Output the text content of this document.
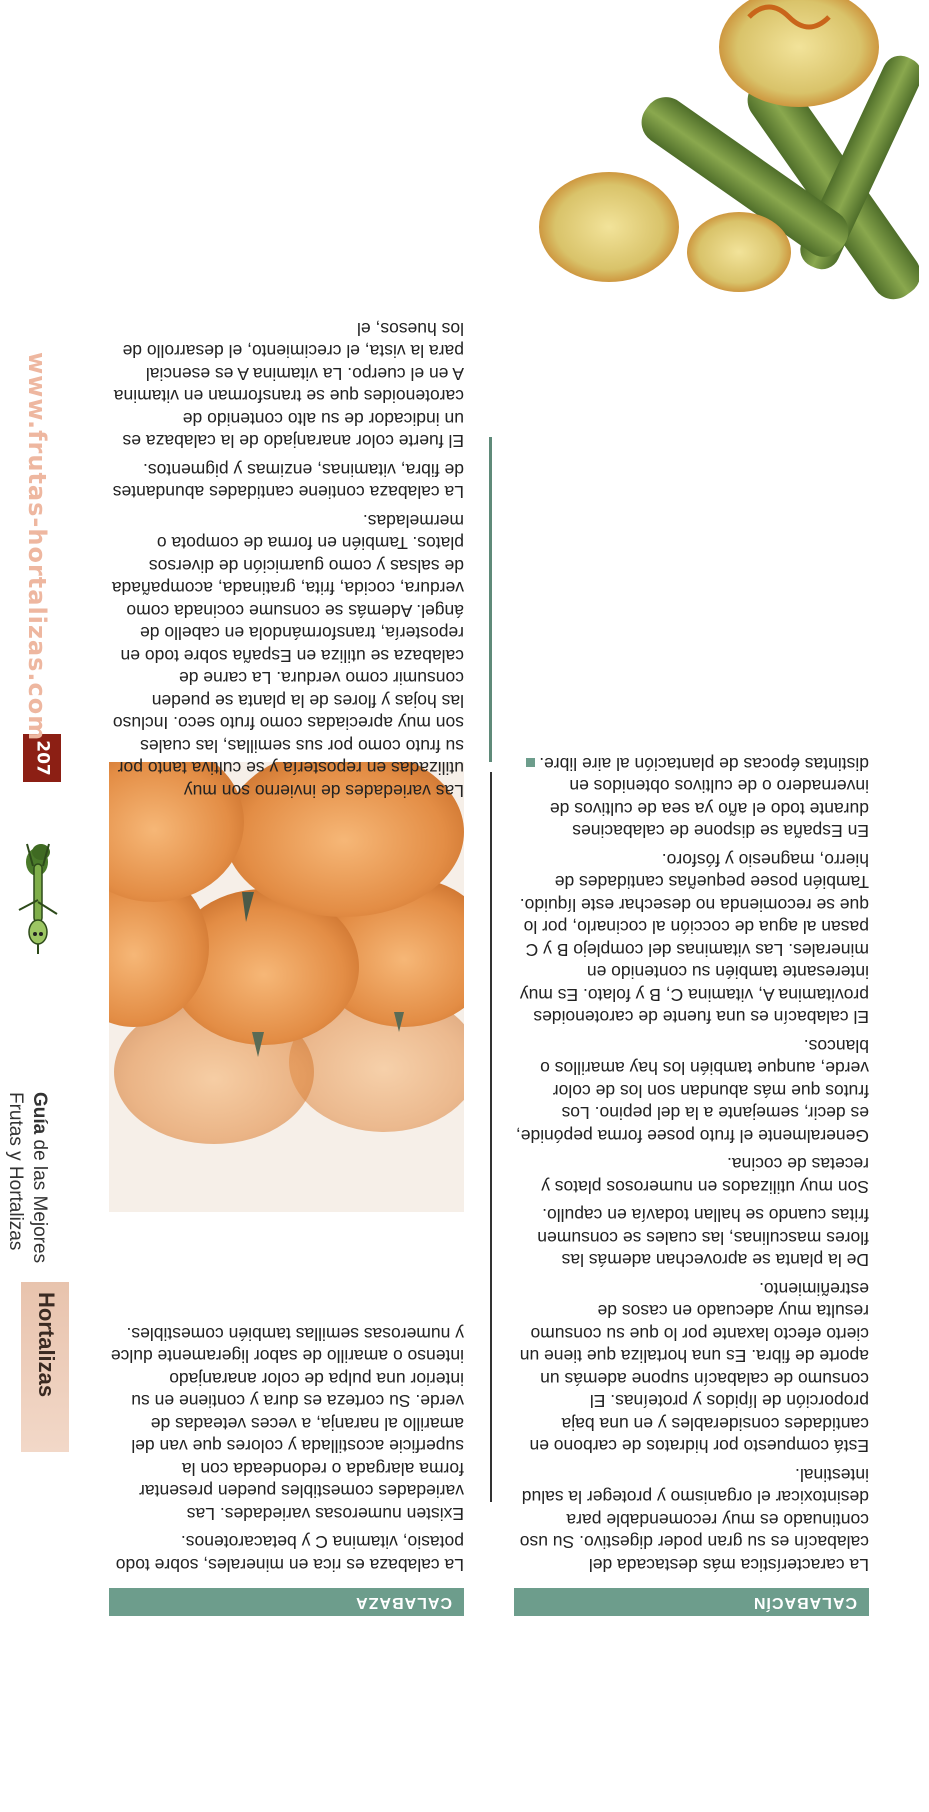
Hortalizas
Guía de las Mejores
Frutas y Hortalizas
207
www.frutas-hortalizas.com
CALABAZA

La calabaza es rica en minerales, sobre todo potasio, vitamina C y betacarotenos.

Existen numerosas variedades. Las variedades comestibles pueden presentar forma alargada o redondeada con la superficie acostillada y colores que van del amarillo al naranja, a veces veteadas de verde. Su corteza es dura y contiene en su interior una pulpa de color anaranjado intenso o amarillo de sabor ligeramente dulce y numerosas semillas también comestibles.

Las variedades de invierno son muy utilizadas en repostería y se cultiva tanto por su fruto como por sus semillas, las cuales son muy apreciadas como fruto seco. Incluso las hojas y flores de la planta se pueden consumir como verdura. La carne de calabaza se utiliza en España sobre todo en repostería, transformándola en cabello de ángel. Además se consume cocinada como verdura, cocida, frita, gratinada, acompañada de salsas y como guarnición de diversos platos. También en forma de compota o mermeladas.

La calabaza contiene cantidades abundantes de fibra, vitaminas, enzimas y pigmentos.

El fuerte color anaranjado de la calabaza es un indicador de su alto contenido de carotenoides que se transforman en vitamina A en el cuerpo. La vitamina A es esencial para la vista, el crecimiento, el desarrollo de los huesos, el

CALABACÍN

La característica más destacada del calabacín es su gran poder digestivo. Su uso continuado es muy recomendable para desintoxicar el organismo y proteger la salud intestinal.

Está compuesto por hidratos de carbono en cantidades considerables y en una baja proporción de lípidos y proteínas. El consumo de calabacín supone además un aporte de fibra. Es una hortaliza que tiene un cierto efecto laxante por lo que su consumo resulta muy adecuado en casos de estreñimiento.

De la planta se aprovechan además las flores masculinas, las cuales se consumen fritas cuando se hallan todavía en capullo.

Son muy utilizados en numerosos platos y recetas de cocina.

Generalmente el fruto posee forma pepónide, es decir, semejante a la del pepino. Los frutos que más abundan son los de color verde, aunque también los hay amarillos o blancos.

El calabacín es una fuente de carotenoides provitamina A, vitamina C, B y folato. Es muy interesante también su contenido en minerales. Las vitaminas del complejo B y C pasan al agua de cocción al cocinarlo, por lo que se recomienda no desechar este líquido. También posee pequeñas cantidades de hierro, magnesio y fósforo.

En España se dispone de calabacines durante todo el año ya sea de cultivos de invernadero o de cultivos obtenidos en distintas épocas de plantación al aire libre.
